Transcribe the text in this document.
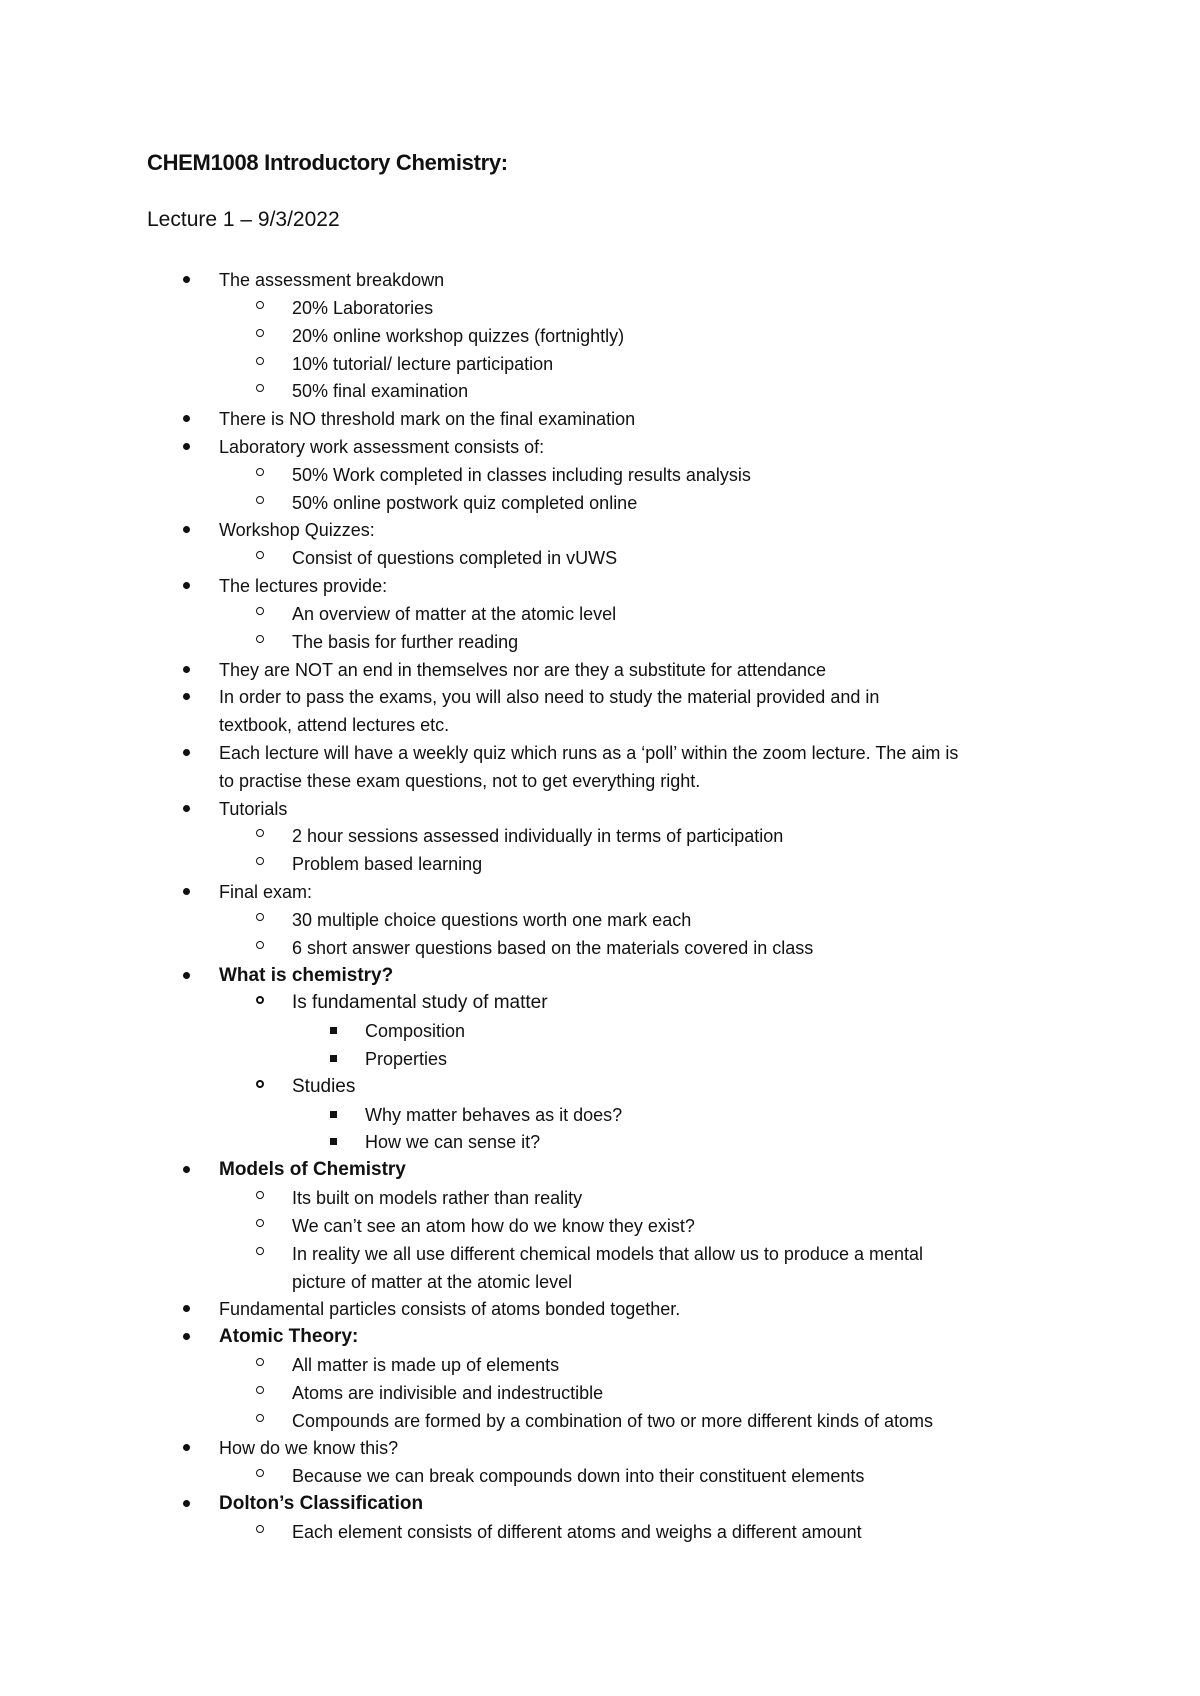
CHEM1008 Introductory Chemistry:
Lecture 1 – 9/3/2022
The assessment breakdown
20% Laboratories
20% online workshop quizzes (fortnightly)
10% tutorial/ lecture participation
50% final examination
There is NO threshold mark on the final examination
Laboratory work assessment consists of:
50% Work completed in classes including results analysis
50% online postwork quiz completed online
Workshop Quizzes:
Consist of questions completed in vUWS
The lectures provide:
An overview of matter at the atomic level
The basis for further reading
They are NOT an end in themselves nor are they a substitute for attendance
In order to pass the exams, you will also need to study the material provided and in
textbook, attend lectures etc.
Each lecture will have a weekly quiz which runs as a ‘poll’ within the zoom lecture. The aim is
to practise these exam questions, not to get everything right.
Tutorials
2 hour sessions assessed individually in terms of participation
Problem based learning
Final exam:
30 multiple choice questions worth one mark each
6 short answer questions based on the materials covered in class
What is chemistry?
Is fundamental study of matter
Composition
Properties
Studies
Why matter behaves as it does?
How we can sense it?
Models of Chemistry
Its built on models rather than reality
We can’t see an atom how do we know they exist?
In reality we all use different chemical models that allow us to produce a mental
picture of matter at the atomic level
Fundamental particles consists of atoms bonded together.
Atomic Theory:
All matter is made up of elements
Atoms are indivisible and indestructible
Compounds are formed by a combination of two or more different kinds of atoms
How do we know this?
Because we can break compounds down into their constituent elements
Dolton’s Classification
Each element consists of different atoms and weighs a different amount
